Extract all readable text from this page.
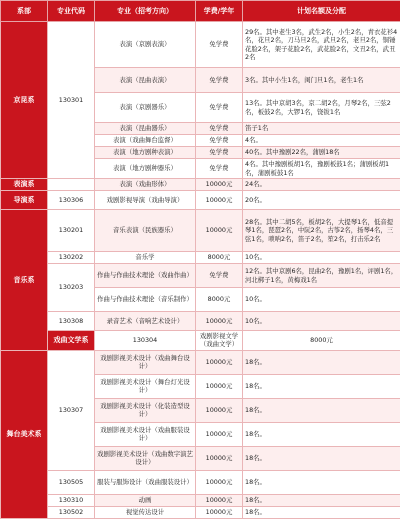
系部	专业代码	专业（招考方向）	学费/学年	计划名额及分配	
京昆系	130301	表演（京剧表演）	免学费	29名。其中老生3名，武生2名，小生2名，青衣花衫4名，花旦2名，刀马旦2名，武旦2名，老旦2名，铜锤花脸2名，架子花脸2名，武花脸2名，文丑2名，武丑2名	
		表演（昆曲表演）	免学费	3名。其中小生1名，闺门旦1名，老生1名	
		表演（京剧器乐）	免学费	13名。其中京胡3名，京二胡2名，月琴2名，三弦2名，板鼓2名，大锣1名，铙钹1名	
		表演（昆曲器乐）	免学费	笛子1名	
		表演（戏曲舞台监督）	免学费	4名。	
		表演（地方剧种表演）	免学费	40名。其中豫剧22名，蒲剧18名	
		表演（地方剧种器乐）	免学费	4名。其中豫剧板胡1名，豫剧板鼓1名；蒲剧板胡1名，蒲剧板鼓1名	
表演系		表演（戏曲形体）	10000元	24名。	
导演系	130306	戏剧影视导演（戏曲导演）	10000元	20名。	
音乐系	130201	音乐表演（民族器乐）	10000元	28名。其中二胡5名，板胡2名，大提琴1名，低音提琴1名，琵琶2名，中阮2名，古筝2名，扬琴4名，三弦1名，唢呐2名，笛子2名，笙2名，打击乐2名	
	130202	音乐学	8000元	10名。	
	130203	作曲与作曲技术理论（戏曲作曲）	免学费	12名。其中京剧6名，昆曲2名，豫剧1名，评剧1名，河北梆子1名，黄梅戏1名	
		作曲与作曲技术理论（音乐制作）	8000元	10名。	
	130308	录音艺术（音响艺术设计）	10000元	10名。	
	戏曲文学系	130304	戏剧影视文学（戏曲文学）	8000元	
舞台美术系	130307	戏剧影视美术设计（戏曲舞台设计）	10000元	18名。	
		戏剧影视美术设计（舞台灯光设计）	10000元	18名。	
		戏剧影视美术设计（化装造型设计）	10000元	18名。	
		戏剧影视美术设计（戏曲服装设计）	10000元	18名。	
		戏剧影视美术设计（戏曲数字演艺设计）	10000元	18名。	
	130505	服装与服饰设计（戏曲服装设计）	10000元	18名。	
	130310	动画	10000元	18名。	
	130502	视觉传达设计	10000元	18名。	
